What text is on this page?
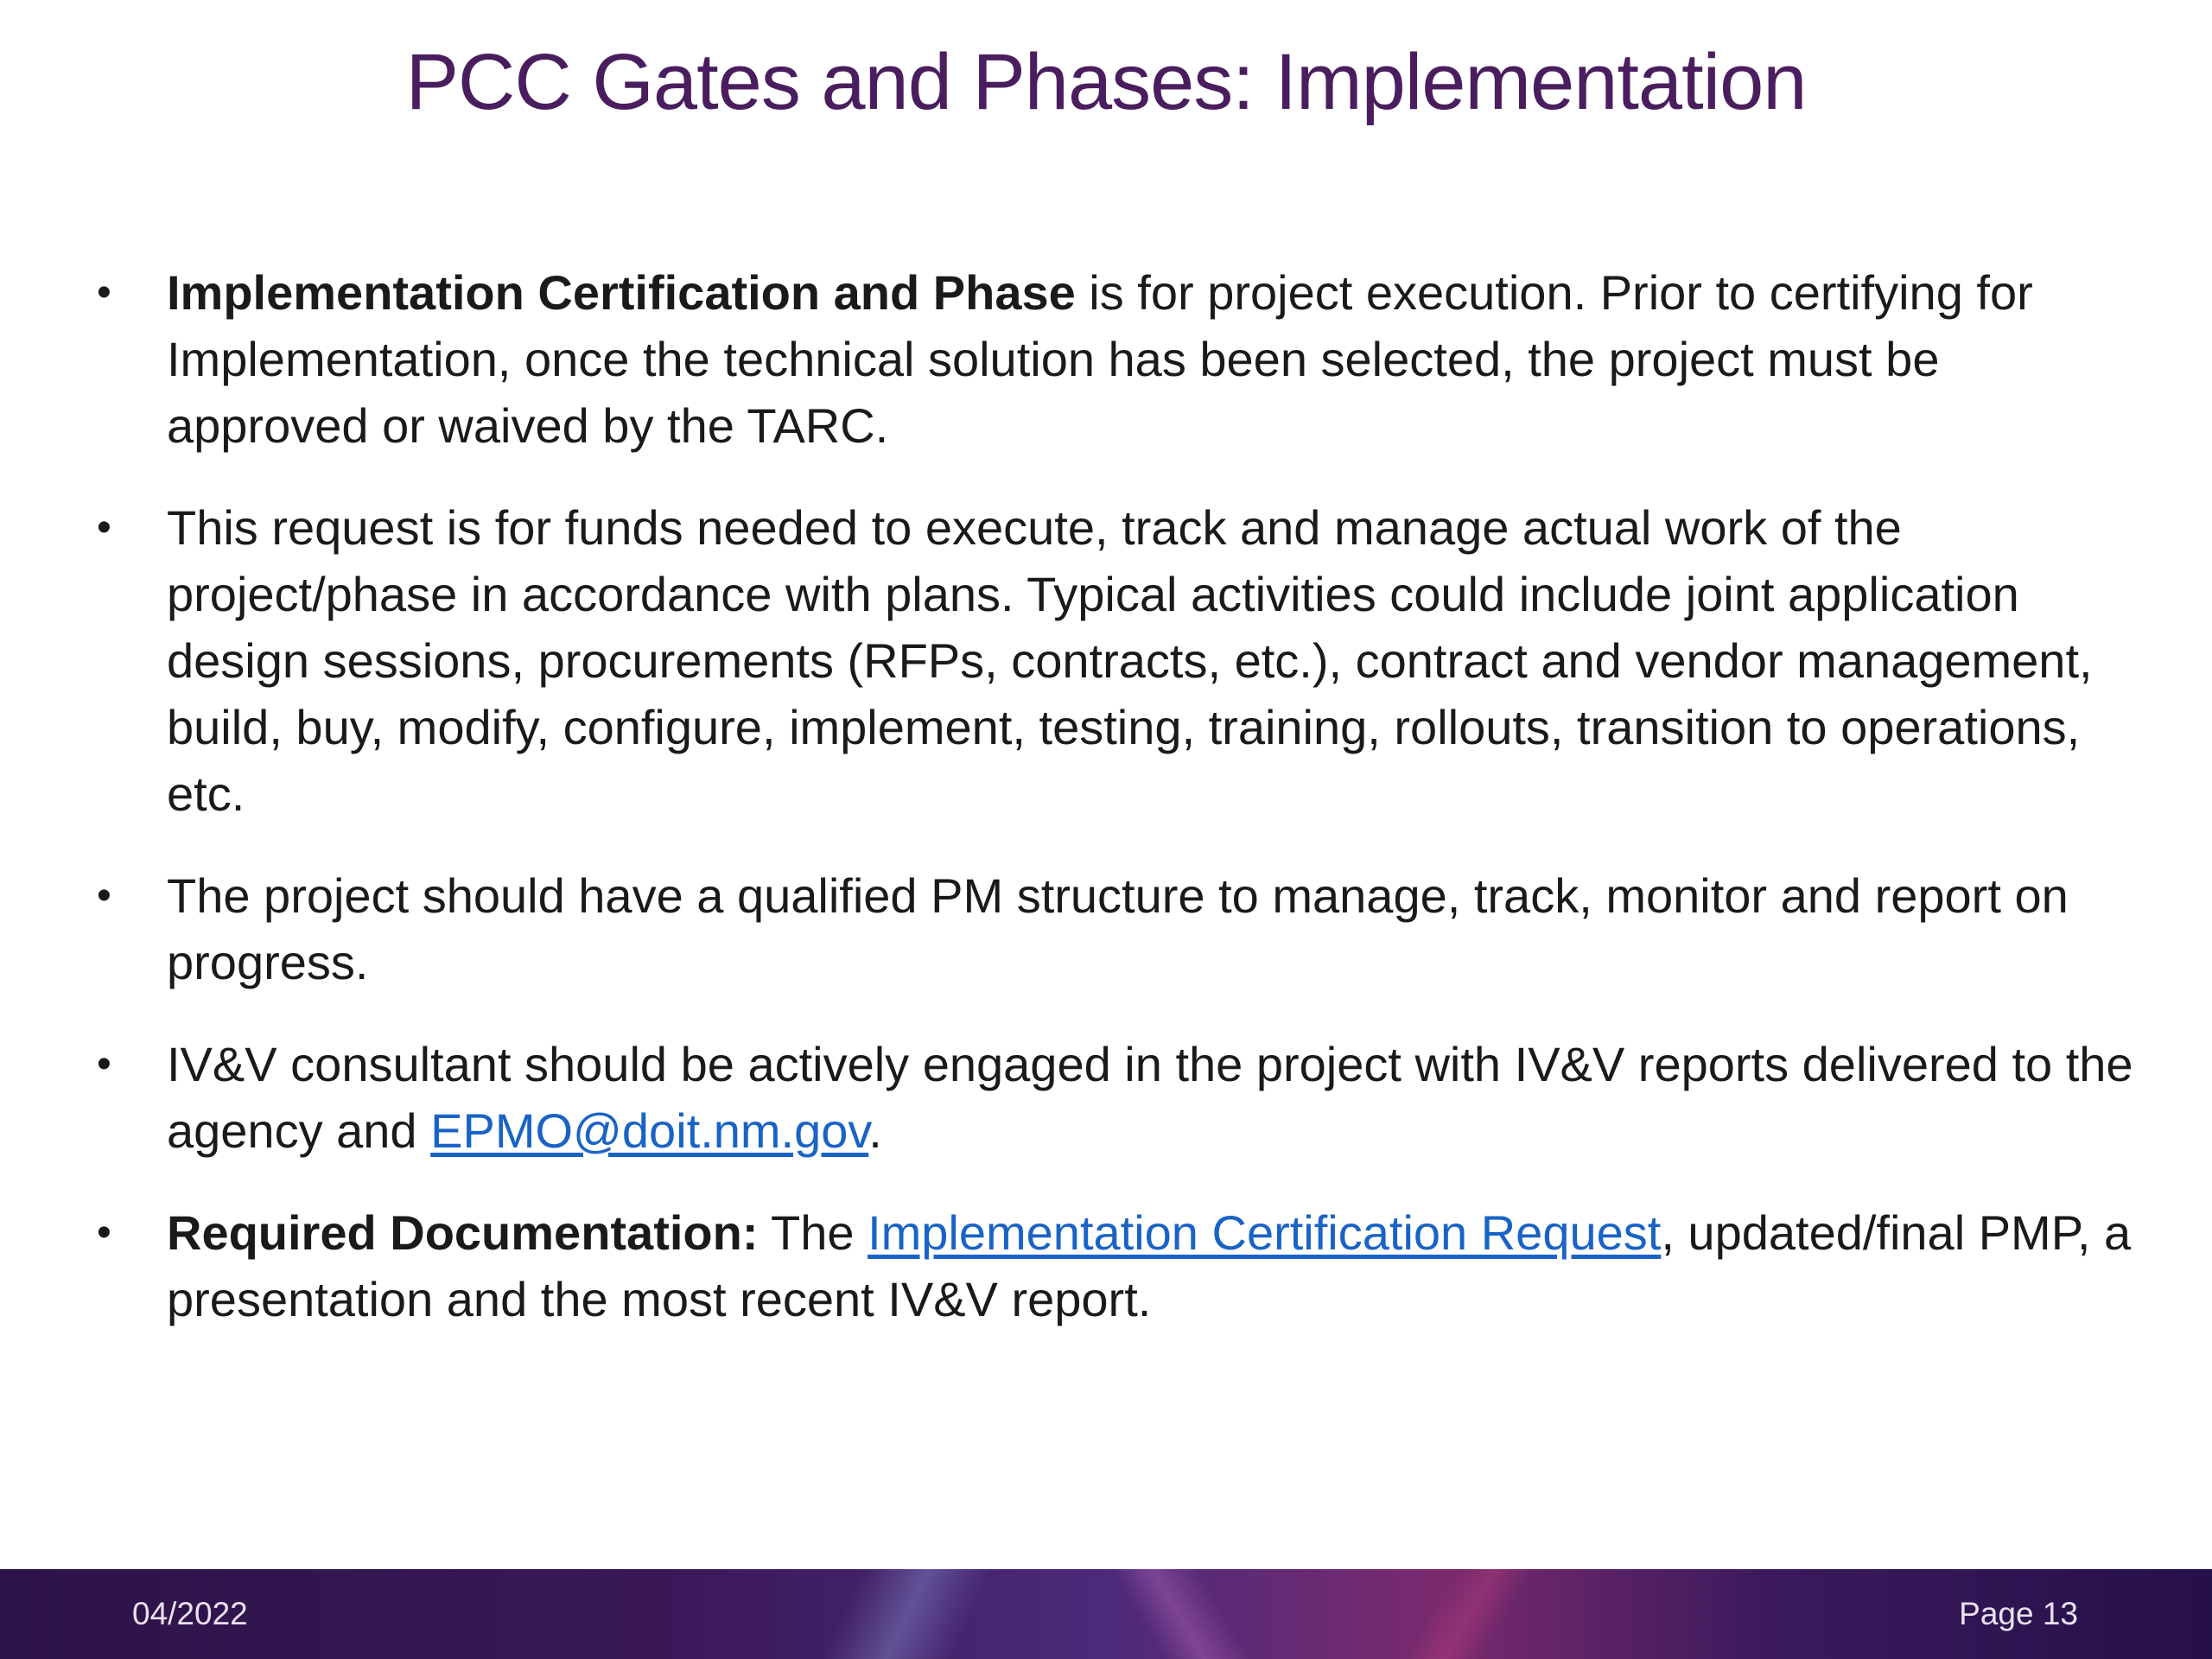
PCC Gates and Phases: Implementation
• Implementation Certification and Phase is for project execution. Prior to certifying for Implementation, once the technical solution has been selected, the project must be approved or waived by the TARC.
• This request is for funds needed to execute, track and manage actual work of the project/phase in accordance with plans. Typical activities could include joint application design sessions, procurements (RFPs, contracts, etc.), contract and vendor management, build, buy, modify, configure, implement, testing, training, rollouts, transition to operations, etc.
• The project should have a qualified PM structure to manage, track, monitor and report on progress.
• IV&V consultant should be actively engaged in the project with IV&V reports delivered to the agency and EPMO@doit.nm.gov.
• Required Documentation: The Implementation Certification Request, updated/final PMP, a presentation and the most recent IV&V report.
04/2022	Page 13
